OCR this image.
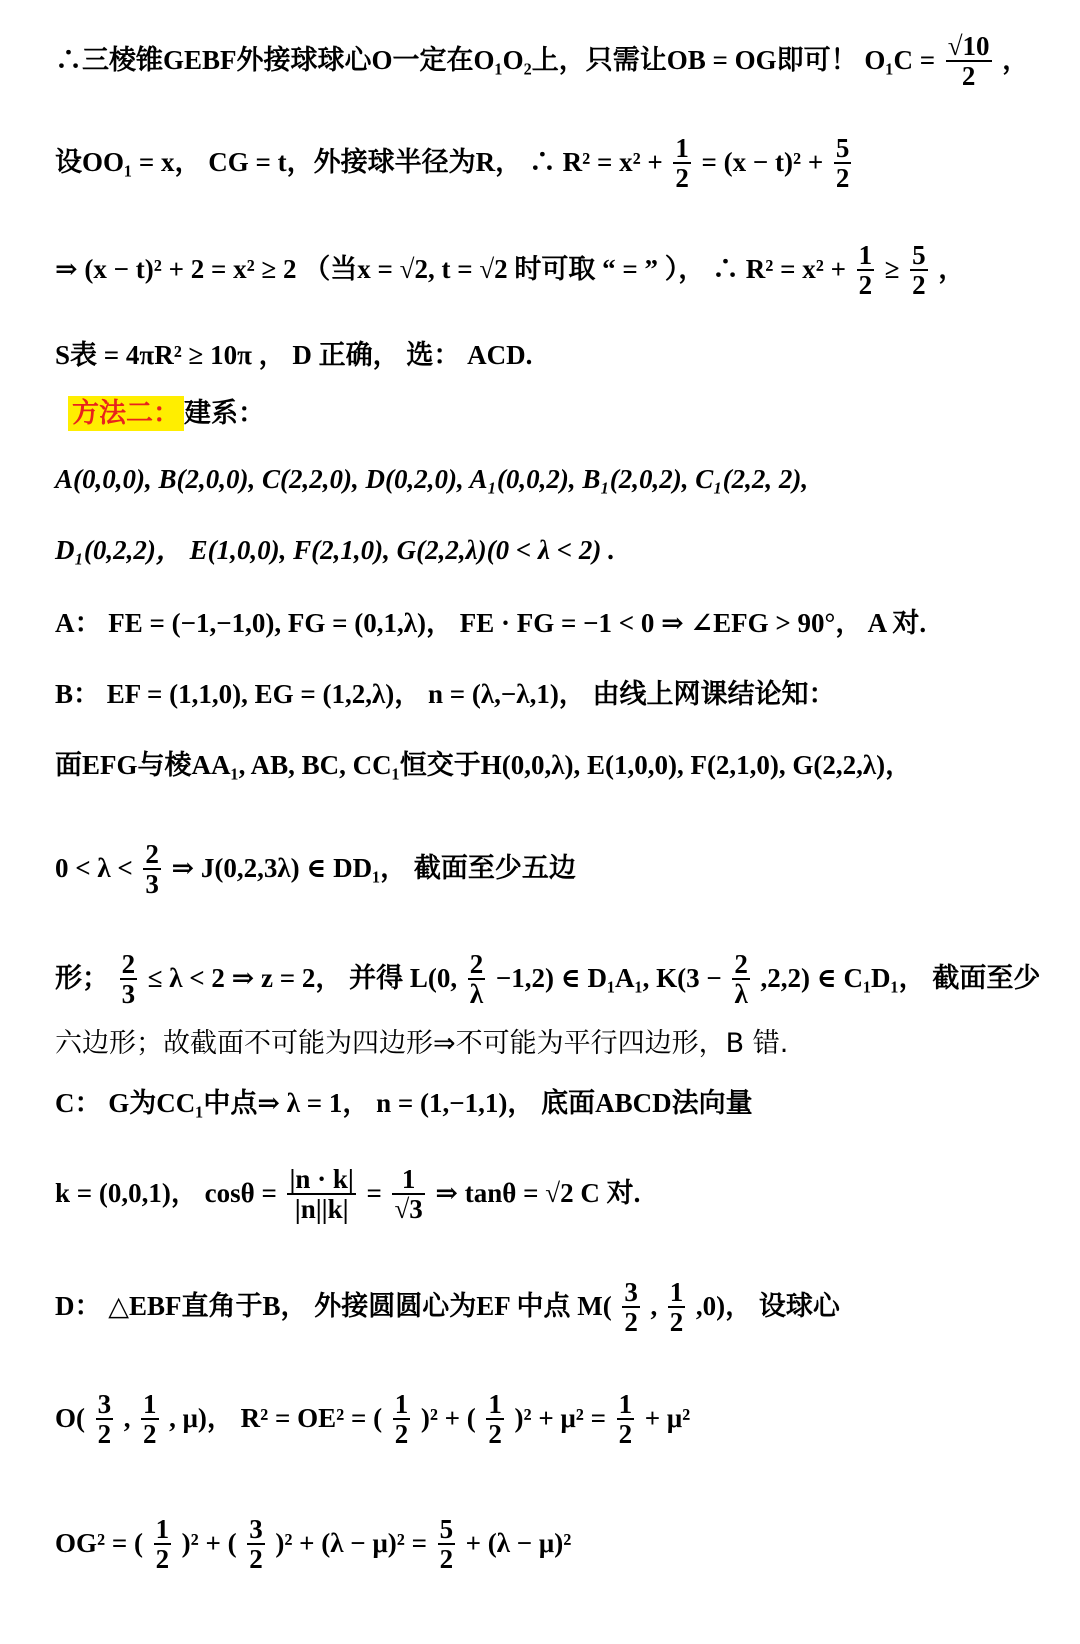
∴三棱锥GEBF外接球球心O一定在O₁O₂上，只需让OB = OG即可！ $O_1C = \frac{√10}{2}$ ，
设OO₁ = x， CG = t，外接球半径为R， ∴ $R^2 = x^2 + \frac{1}{2} = (x - t)^2 + \frac{5}{2}$
⇒ (x − t)² + 2 = x² ≥ 2 （当x = √2, t = √2 时可取 “ = ” ）， ∴ $R^2 = x^2 + \frac{1}{2} \ge \frac{5}{2}$ ，
S表 = 4πR² ≥ 10π ， D 正确， 选： ACD.
方法二： 建系：
A(0,0,0), B(2,0,0), C(2,2,0), D(0,2,0), A₁(0,0,2), B₁(2,0,2), C₁(2,2, 2),
D₁(0,2,2)， E(1,0,0), F(2,1,0), G(2,2,λ)(0 < λ < 2) .
A： FE = (−1,−1,0), FG = (0,1,λ)， FE · FG = −1 < 0 ⇒ ∠EFG > 90°， A 对.
B： EF = (1,1,0), EG = (1,2,λ)， n = (λ,−λ,1)， 由线上网课结论知：
面EFG与棱AA₁, AB, BC, CC₁恒交于H(0,0,λ), E(1,0,0), F(2,1,0), G(2,2,λ)，
$0 < \lambda < \frac{2}{3}$ ⇒ J(0,2,3λ) ∈ DD₁， 截面至少五边
形； $\frac{2}{3} \le \lambda < 2$ ⇒ z = 2， 并得 L(0, $\frac{2}{\lambda} -1,2$) ∈ D₁A₁, $K(3 - \frac{2}{\lambda} ,2,2)$ ∈ C₁D₁， 截面至少
六边形；故截面不可能为四边形⇒不可能为平行四边形，B 错.
C： G为CC₁中点⇒ λ = 1， n = (1,−1,1)， 底面ABCD法向量
k = (0,0,1)， $\cos\theta = \frac{|n \cdot k|}{|n||k|} = \frac{1}{√3}$ ⇒ tanθ = √2 C 对.
D： △EBF直角于B， 外接圆圆心为EF 中点 $M( \frac{3}{2}$ , $\frac{1}{2} ,0$)， 设球心
$O( \frac{3}{2}$ , $\frac{1}{2}$ , μ)， R² = OE² = ( $\frac{1}{2} )^2$ + ( $\frac{1}{2} )^2 + \mu^2 = \frac{1}{2} + \mu^2$
OG² = ( $\frac{1}{2} )^2$ + ( $\frac{3}{2} )^2 + (\lambda - \mu)^2 = \frac{5}{2} + (\lambda - \mu)^2$
